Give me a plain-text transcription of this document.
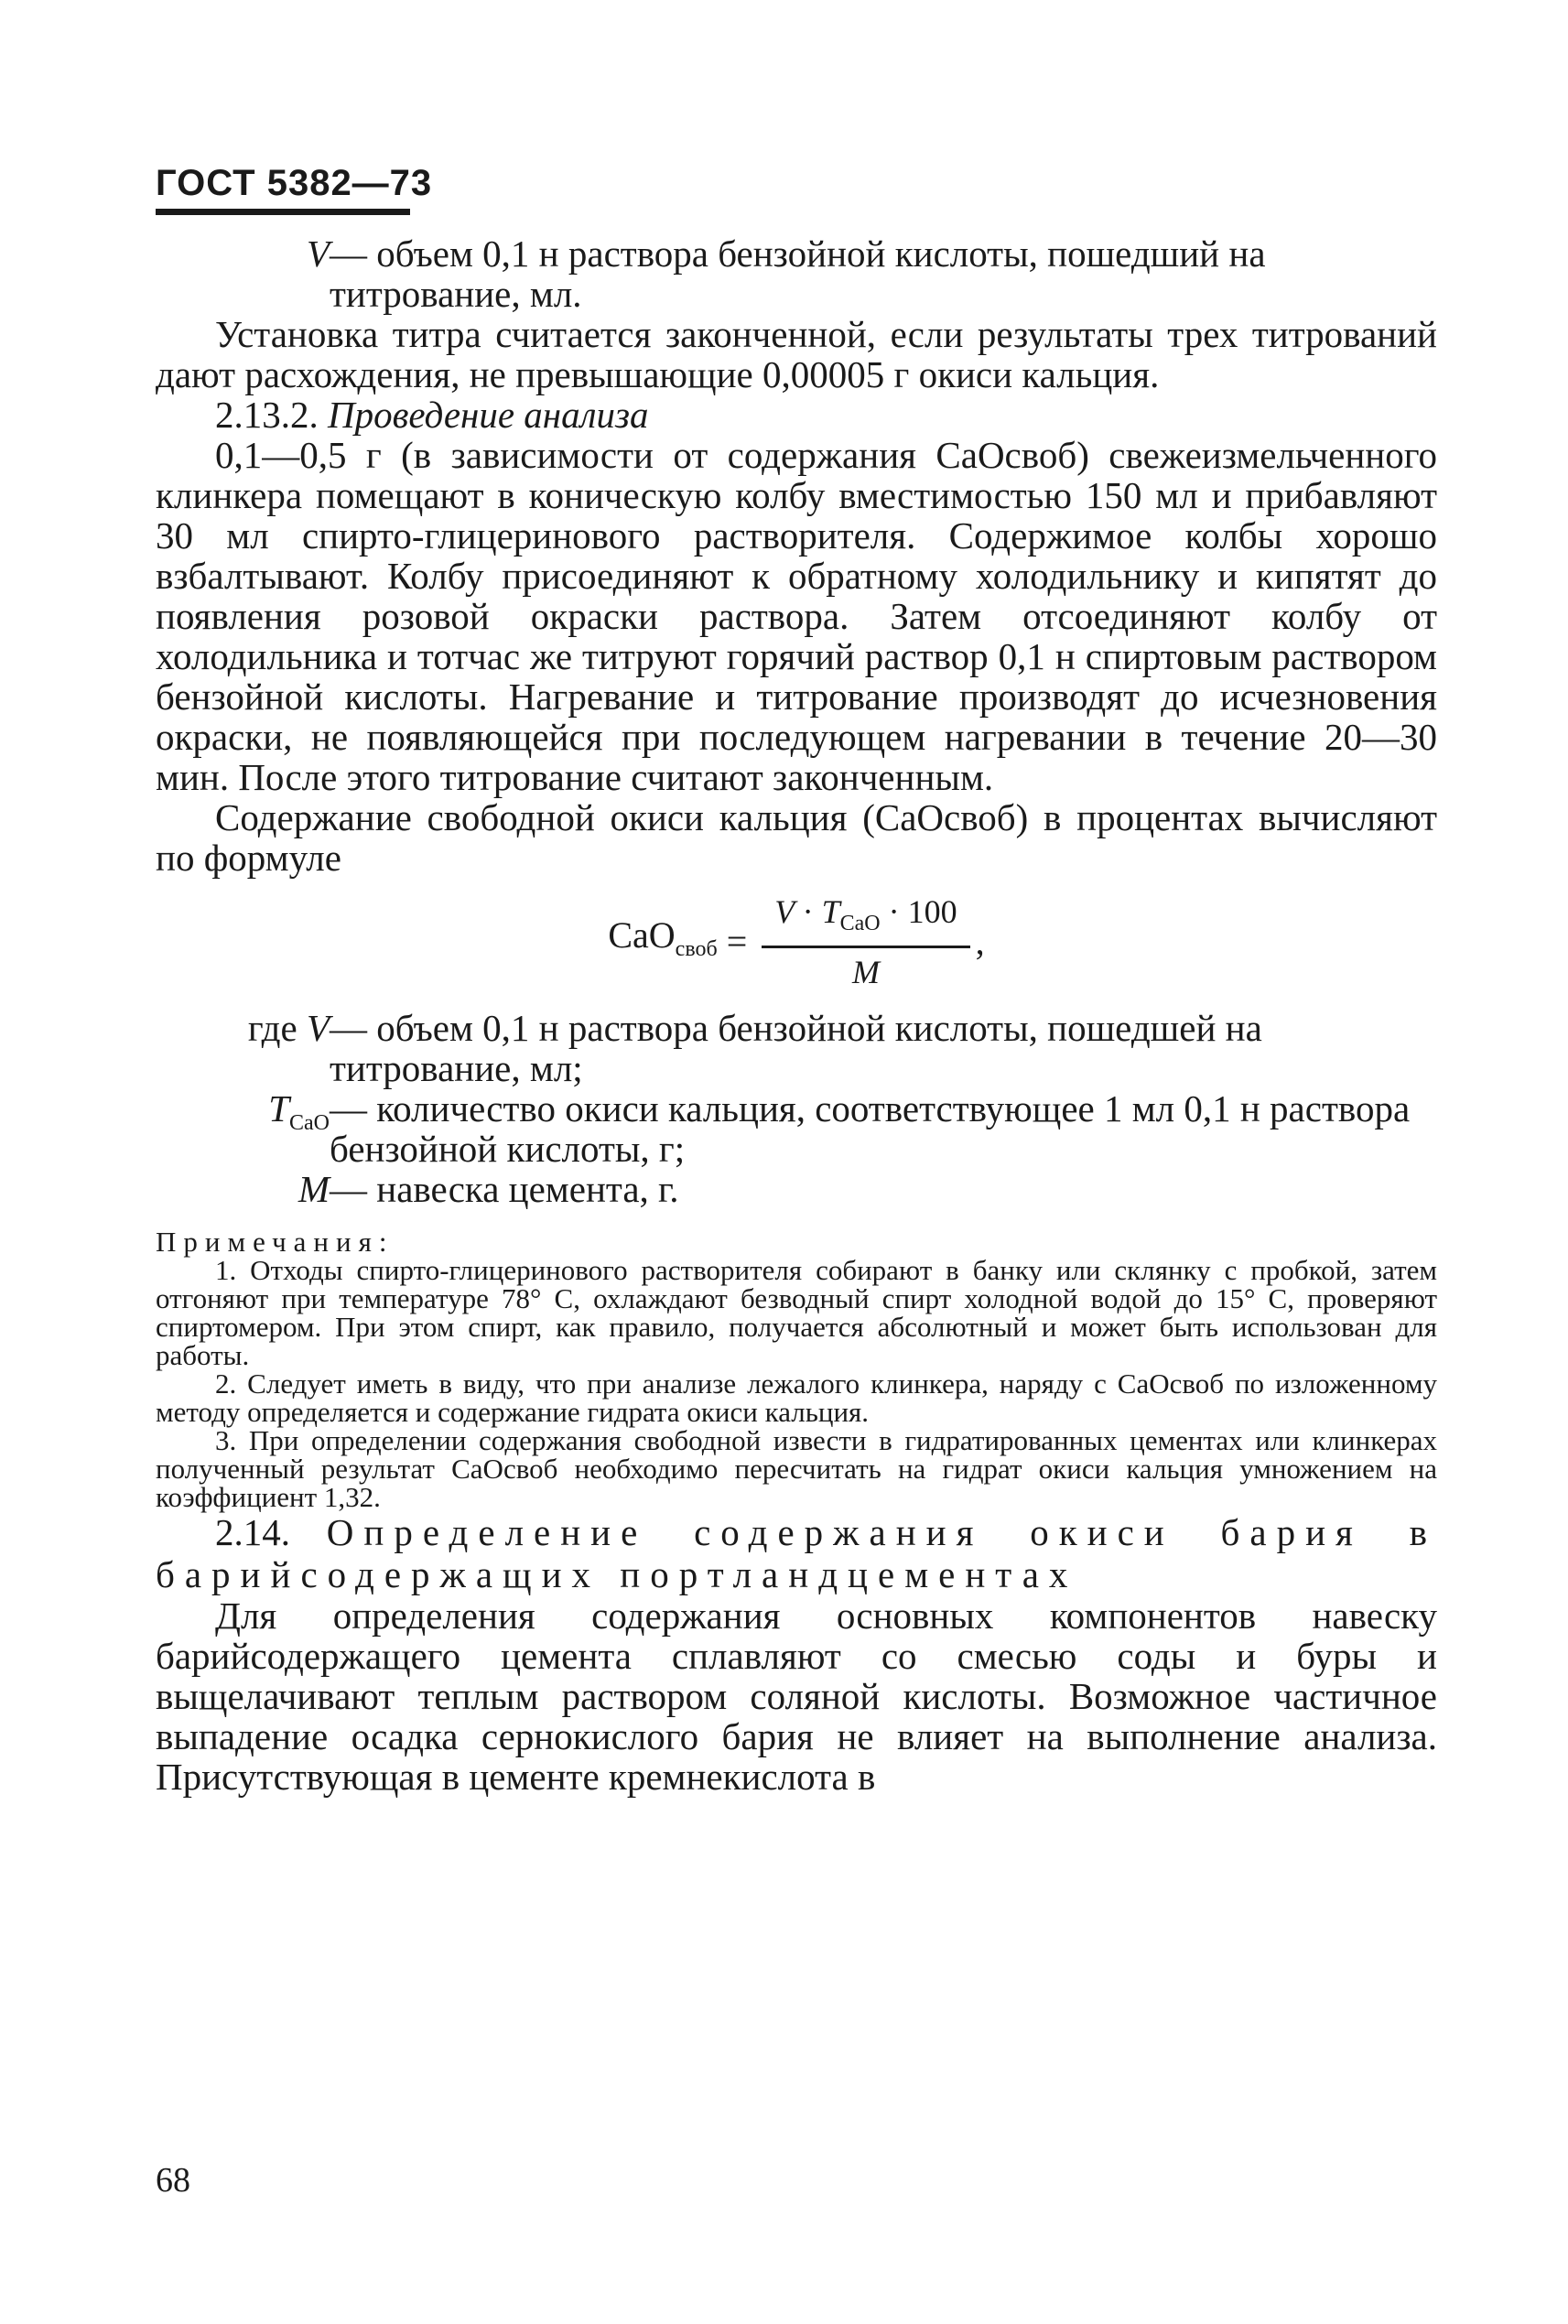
ГОСТ 5382—73
V — объем 0,1 н раствора бензойной кислоты, пошедший на титрование, мл.

Установка титра считается законченной, если результаты трех титрований дают расхождения, не превышающие 0,00005 г окиси кальция.

2.13.2. Проведение анализа

0,1—0,5 г (в зависимости от содержания CaOсвоб) свежеизмельченного клинкера помещают в коническую колбу вместимостью 150 мл и прибавляют 30 мл спирто-глицеринового растворителя. Содержимое колбы хорошо взбалтывают. Колбу присоединяют к обратному холодильнику и кипятят до появления розовой окраски раствора. Затем отсоединяют колбу от холодильника и тотчас же титруют горячий раствор 0,1 н спиртовым раствором бензойной кислоты. Нагревание и титрование производят до исчезновения окраски, не появляющейся при последующем нагревании в течение 20—30 мин. После этого титрование считают законченным.

Содержание свободной окиси кальция (CaOсвоб) в процентах вычисляют по формуле

$CaO_{своб} = \frac{V \cdot T_{CaO} \cdot 100}{M}$ ,
где V — объем 0,1 н раствора бензойной кислоты, пошедшей на титрование, мл;
$T_{CaO}$ — количество окиси кальция, соответствующее 1 мл 0,1 н раствора бензойной кислоты, г;
M — навеска цемента, г.

Примечания:

1. Отходы спирто-глицеринового растворителя собирают в банку или склянку с пробкой, затем отгоняют при температуре 78° С, охлаждают безводный спирт холодной водой до 15° С, проверяют спиртомером. При этом спирт, как правило, получается абсолютный и может быть использован для работы.

2. Следует иметь в виду, что при анализе лежалого клинкера, наряду с CaOсвоб по изложенному методу определяется и содержание гидрата окиси кальция.

3. При определении содержания свободной извести в гидратированных цементах или клинкерах полученный результат CaOсвоб необходимо пересчитать на гидрат окиси кальция умножением на коэффициент 1,32.

2.14. Определение содержания окиси бария в барийсодержащих портландцементах

Для определения содержания основных компонентов навеску барийсодержащего цемента сплавляют со смесью соды и буры и выщелачивают теплым раствором соляной кислоты. Возможное частичное выпадение осадка сернокислого бария не влияет на выполнение анализа. Присутствующая в цементе кремнекислота в

68
